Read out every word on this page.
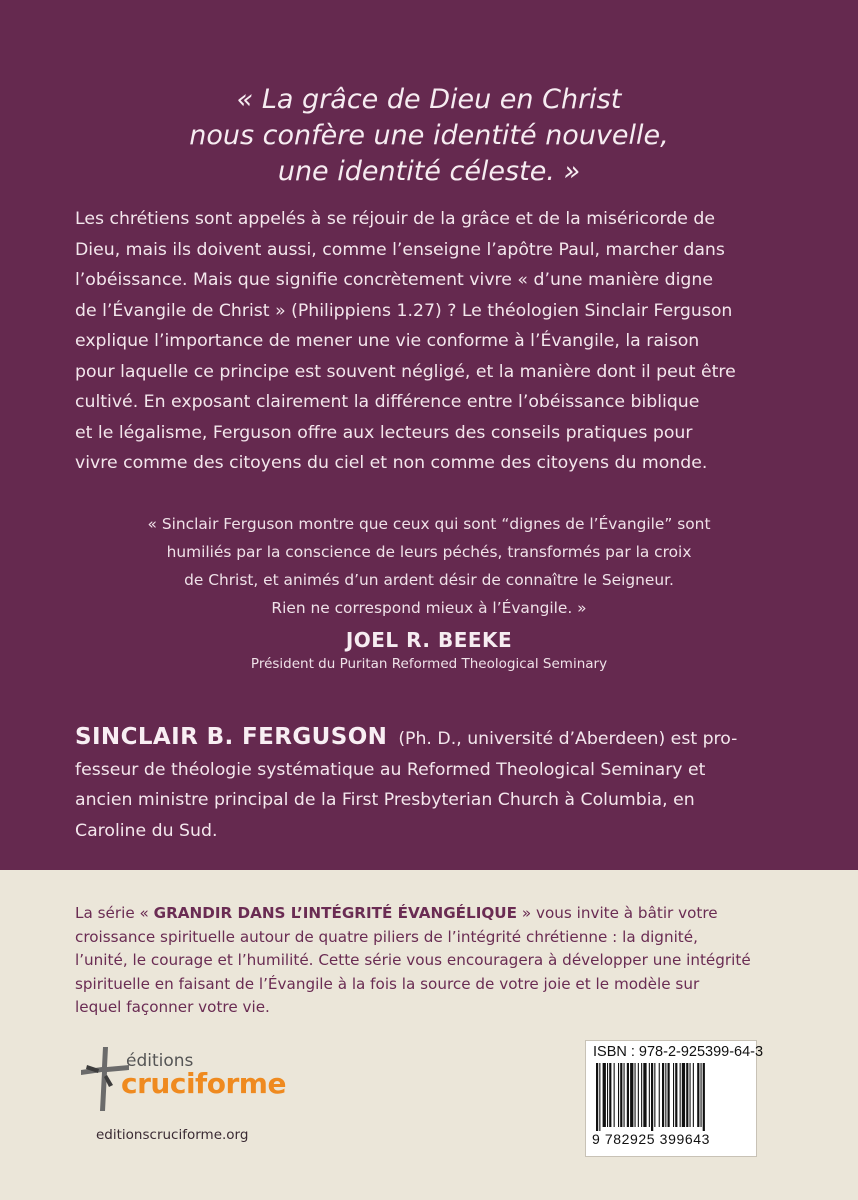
« La grâce de Dieu en Christ
nous confère une identité nouvelle,
une identité céleste. »
Les chrétiens sont appelés à se réjouir de la grâce et de la miséricorde de
Dieu, mais ils doivent aussi, comme l’enseigne l’apôtre Paul, marcher dans
l’obéissance. Mais que signifie concrètement vivre « d’une manière digne
de l’Évangile de Christ » (Philippiens 1.27) ? Le théologien Sinclair Ferguson
explique l’importance de mener une vie conforme à l’Évangile, la raison
pour laquelle ce principe est souvent négligé, et la manière dont il peut être
cultivé. En exposant clairement la différence entre l’obéissance biblique
et le légalisme, Ferguson offre aux lecteurs des conseils pratiques pour
vivre comme des citoyens du ciel et non comme des citoyens du monde.
« Sinclair Ferguson montre que ceux qui sont “dignes de l’Évangile” sont
humiliés par la conscience de leurs péchés, transformés par la croix
de Christ, et animés d’un ardent désir de connaître le Seigneur.
Rien ne correspond mieux à l’Évangile. »
JOEL R. BEEKE
Président du Puritan Reformed Theological Seminary
SINCLAIR B. FERGUSON (Ph. D., université d’Aberdeen) est pro-
fesseur de théologie systématique au Reformed Theological Seminary et
ancien ministre principal de la First Presbyterian Church à Columbia, en
Caroline du Sud.
La série « GRANDIR DANS L’INTÉGRITÉ ÉVANGÉLIQUE » vous invite à bâtir votre
croissance spirituelle autour de quatre piliers de l’intégrité chrétienne : la dignité,
l’unité, le courage et l’humilité. Cette série vous encouragera à développer une intégrité
spirituelle en faisant de l’Évangile à la fois la source de votre joie et le modèle sur
lequel façonner votre vie.
éditions
cruciforme
editionscruciforme.org
ISBN : 978-2-925399-64-3
9 782925 399643
